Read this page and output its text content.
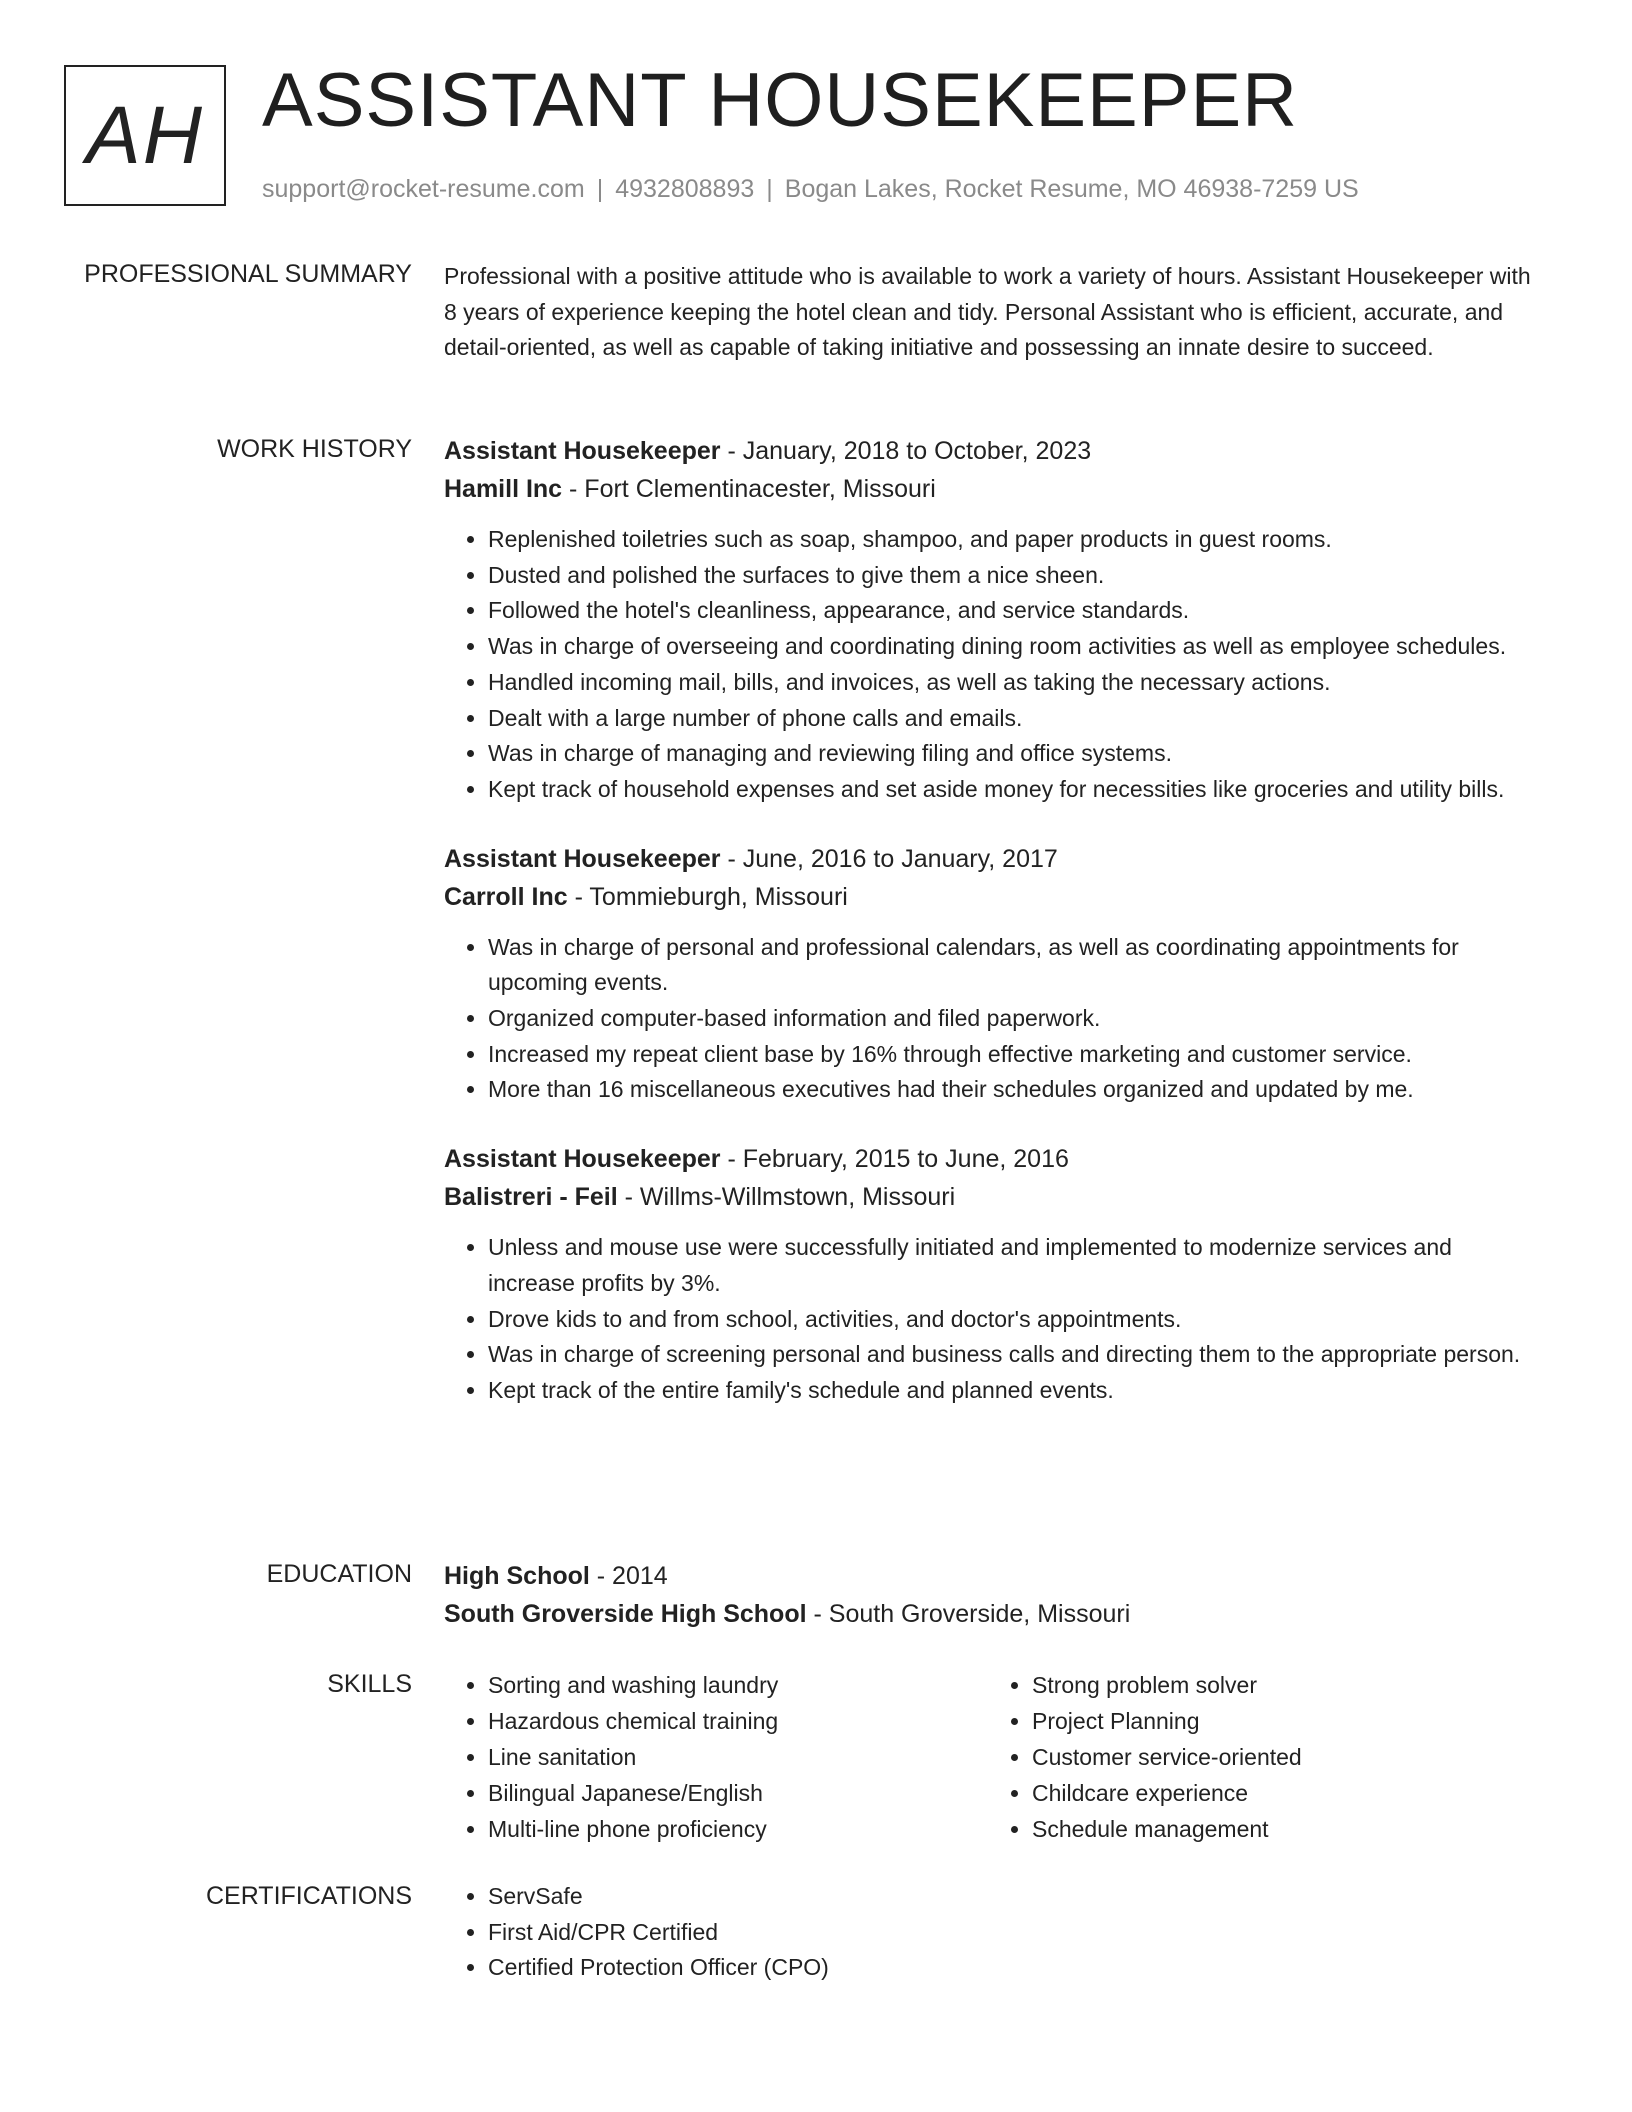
AH ASSISTANT HOUSEKEEPER
support@rocket-resume.com | 4932808893 | Bogan Lakes, Rocket Resume, MO 46938-7259 US
PROFESSIONAL SUMMARY Professional with a positive attitude who is available to work a variety of hours. Assistant Housekeeper with 8 years of experience keeping the hotel clean and tidy. Personal Assistant who is efficient, accurate, and detail-oriented, as well as capable of taking initiative and possessing an innate desire to succeed.

WORK HISTORY Assistant Housekeeper - January, 2018 to October, 2023
Hamill Inc - Fort Clementinacester, Missouri
• Replenished toiletries such as soap, shampoo, and paper products in guest rooms.
• Dusted and polished the surfaces to give them a nice sheen.
• Followed the hotel's cleanliness, appearance, and service standards.
• Was in charge of overseeing and coordinating dining room activities as well as employee schedules.
• Handled incoming mail, bills, and invoices, as well as taking the necessary actions.
• Dealt with a large number of phone calls and emails.
• Was in charge of managing and reviewing filing and office systems.
• Kept track of household expenses and set aside money for necessities like groceries and utility bills.
Assistant Housekeeper - June, 2016 to January, 2017
Carroll Inc - Tommieburgh, Missouri
• Was in charge of personal and professional calendars, as well as coordinating appointments for upcoming events.
• Organized computer-based information and filed paperwork.
• Increased my repeat client base by 16% through effective marketing and customer service.
• More than 16 miscellaneous executives had their schedules organized and updated by me.
Assistant Housekeeper - February, 2015 to June, 2016
Balistreri - Feil - Willms-Willmstown, Missouri
• Unless and mouse use were successfully initiated and implemented to modernize services and increase profits by 3%.
• Drove kids to and from school, activities, and doctor's appointments.
• Was in charge of screening personal and business calls and directing them to the appropriate person.
• Kept track of the entire family's schedule and planned events.
EDUCATION High School - 2014
South Groverside High School - South Groverside, Missouri
SKILLS	• Sorting and washing laundry
• Hazardous chemical training
• Line sanitation
• Bilingual Japanese/English
• Multi-line phone proficiency
• Strong problem solver
• Project Planning
• Customer service-oriented
• Childcare experience
• Schedule management
CERTIFICATIONS	• ServSafe
• First Aid/CPR Certified
• Certified Protection Officer (CPO)
